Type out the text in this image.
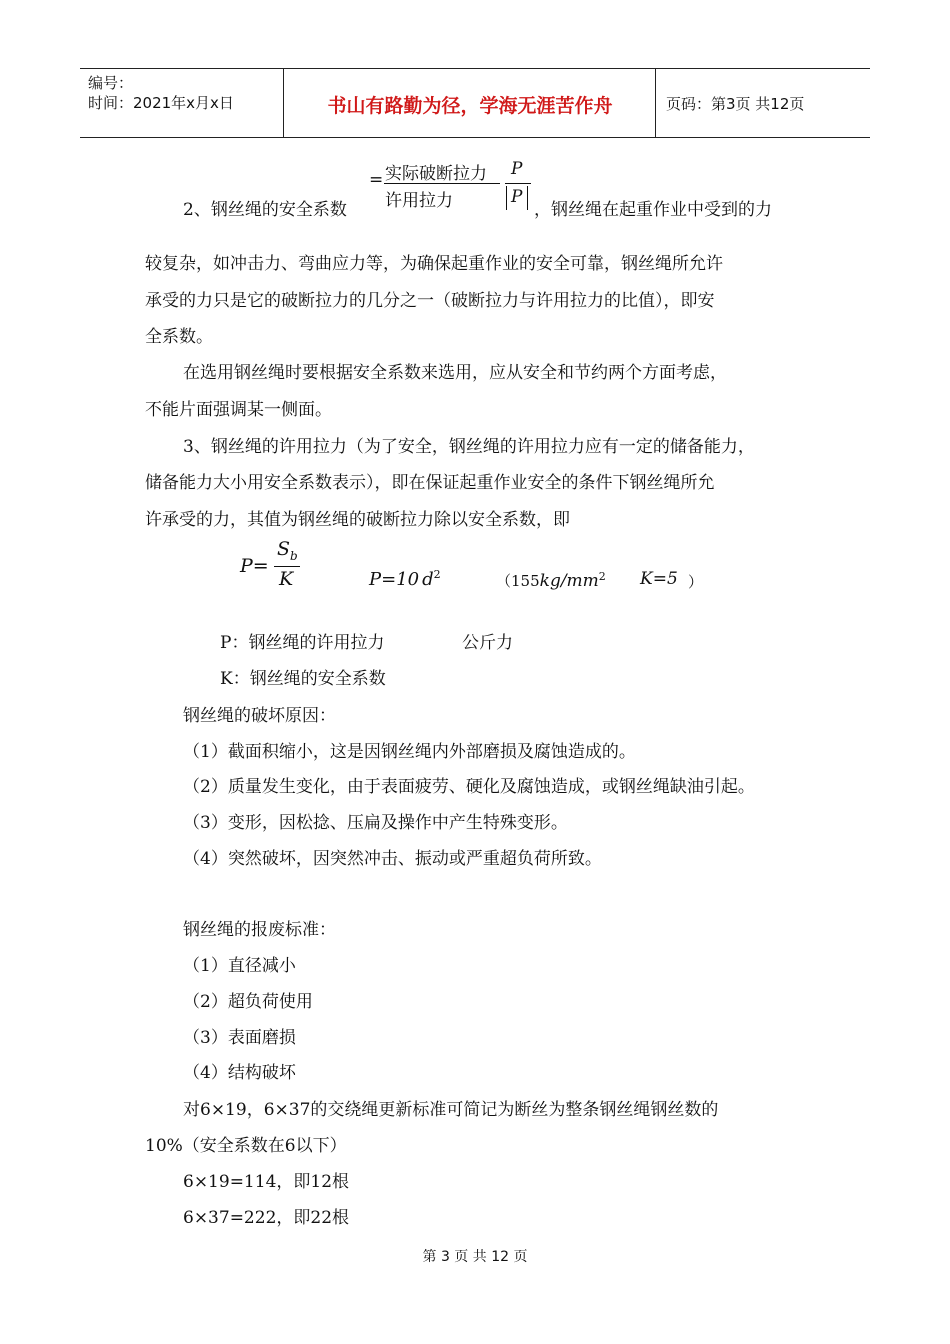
编号：
时间：2021年x月x日	书山有路勤为径，学海无涯苦作舟	页码：第3页 共12页
= 实际破断拉力
许用拉力
P
P
2、钢丝绳的安全系数	，钢丝绳在起重作业中受到的力
较复杂，如冲击力、弯曲应力等，为确保起重作业的安全可靠，钢丝绳所允许
承受的力只是它的破断拉力的几分之一（破断拉力与许用拉力的比值），即安
全系数。
在选用钢丝绳时要根据安全系数来选用，应从安全和节约两个方面考虑，
不能片面强调某一侧面。
3、钢丝绳的许用拉力（为了安全，钢丝绳的许用拉力应有一定的储备能力，
储备能力大小用安全系数表示），即在保证起重作业安全的条件下钢丝绳所允
许承受的力，其值为钢丝绳的破断拉力除以安全系数，即
P=
$S_b$
K	P=10 $d^2$	（$155kg/mm^2$ K=5 ）
P：钢丝绳的许用拉力	公斤力
K：钢丝绳的安全系数
钢丝绳的破坏原因：
（1）截面积缩小，这是因钢丝绳内外部磨损及腐蚀造成的。
（2）质量发生变化，由于表面疲劳、硬化及腐蚀造成，或钢丝绳缺油引起。
（3）变形，因松捻、压扁及操作中产生特殊变形。
（4）突然破坏，因突然冲击、振动或严重超负荷所致。
钢丝绳的报废标准：
（1）直径减小
（2）超负荷使用
（3）表面磨损
（4）结构破坏
对6×19，6×37的交绕绳更新标准可简记为断丝为整条钢丝绳钢丝数的
10%（安全系数在6以下）
6×19=114，即12根
6×37=222，即22根
第 3 页 共 12 页
